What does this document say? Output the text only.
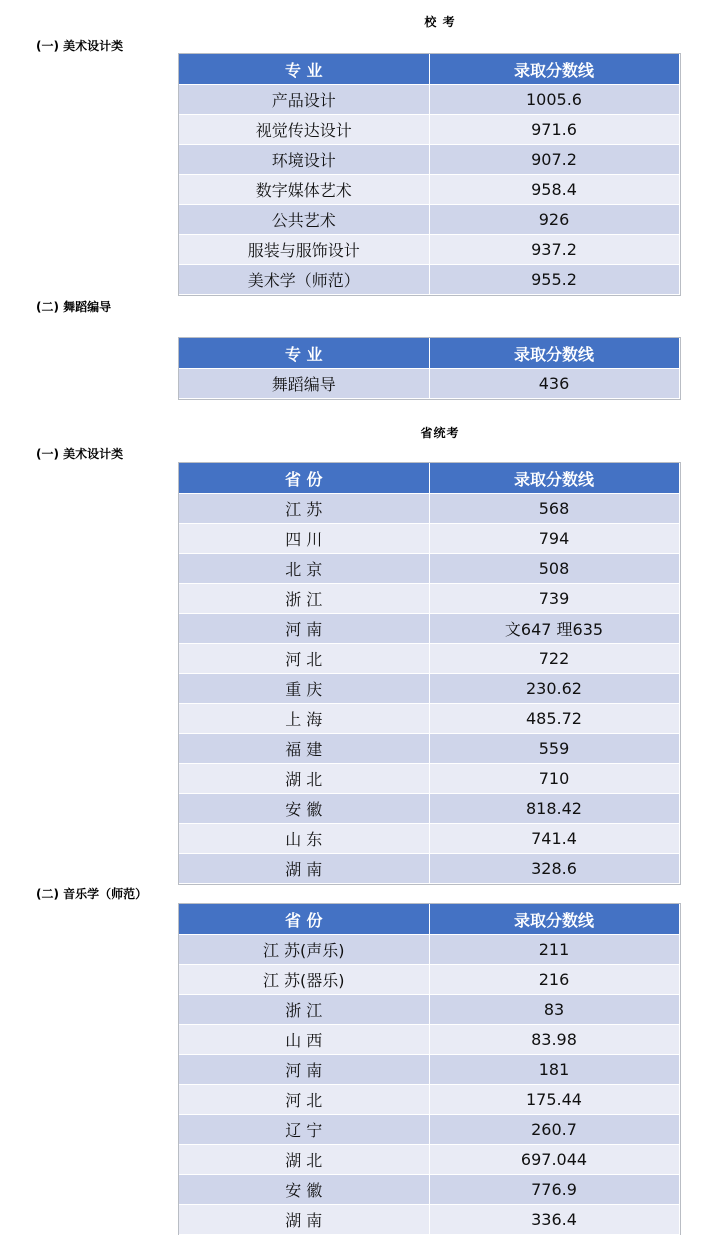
校 考
(一) 美术设计类
专 业	录取分数线
产品设计	1005.6
视觉传达设计	971.6
环境设计	907.2
数字媒体艺术	958.4
公共艺术	926
服装与服饰设计	937.2
美术学（师范）	955.2
(二) 舞蹈编导
专 业	录取分数线
舞蹈编导	436
省统考
(一) 美术设计类
省 份	录取分数线
江 苏	568
四 川	794
北 京	508
浙 江	739
河 南	文647 理635
河 北	722
重 庆	230.62
上 海	485.72
福 建	559
湖 北	710
安 徽	818.42
山 东	741.4
湖 南	328.6
(二) 音乐学（师范）
省 份	录取分数线
江 苏(声乐)	211
江 苏(器乐)	216
浙 江	83
山 西	83.98
河 南	181
河 北	175.44
辽 宁	260.7
湖 北	697.044
安 徽	776.9
湖 南	336.4
